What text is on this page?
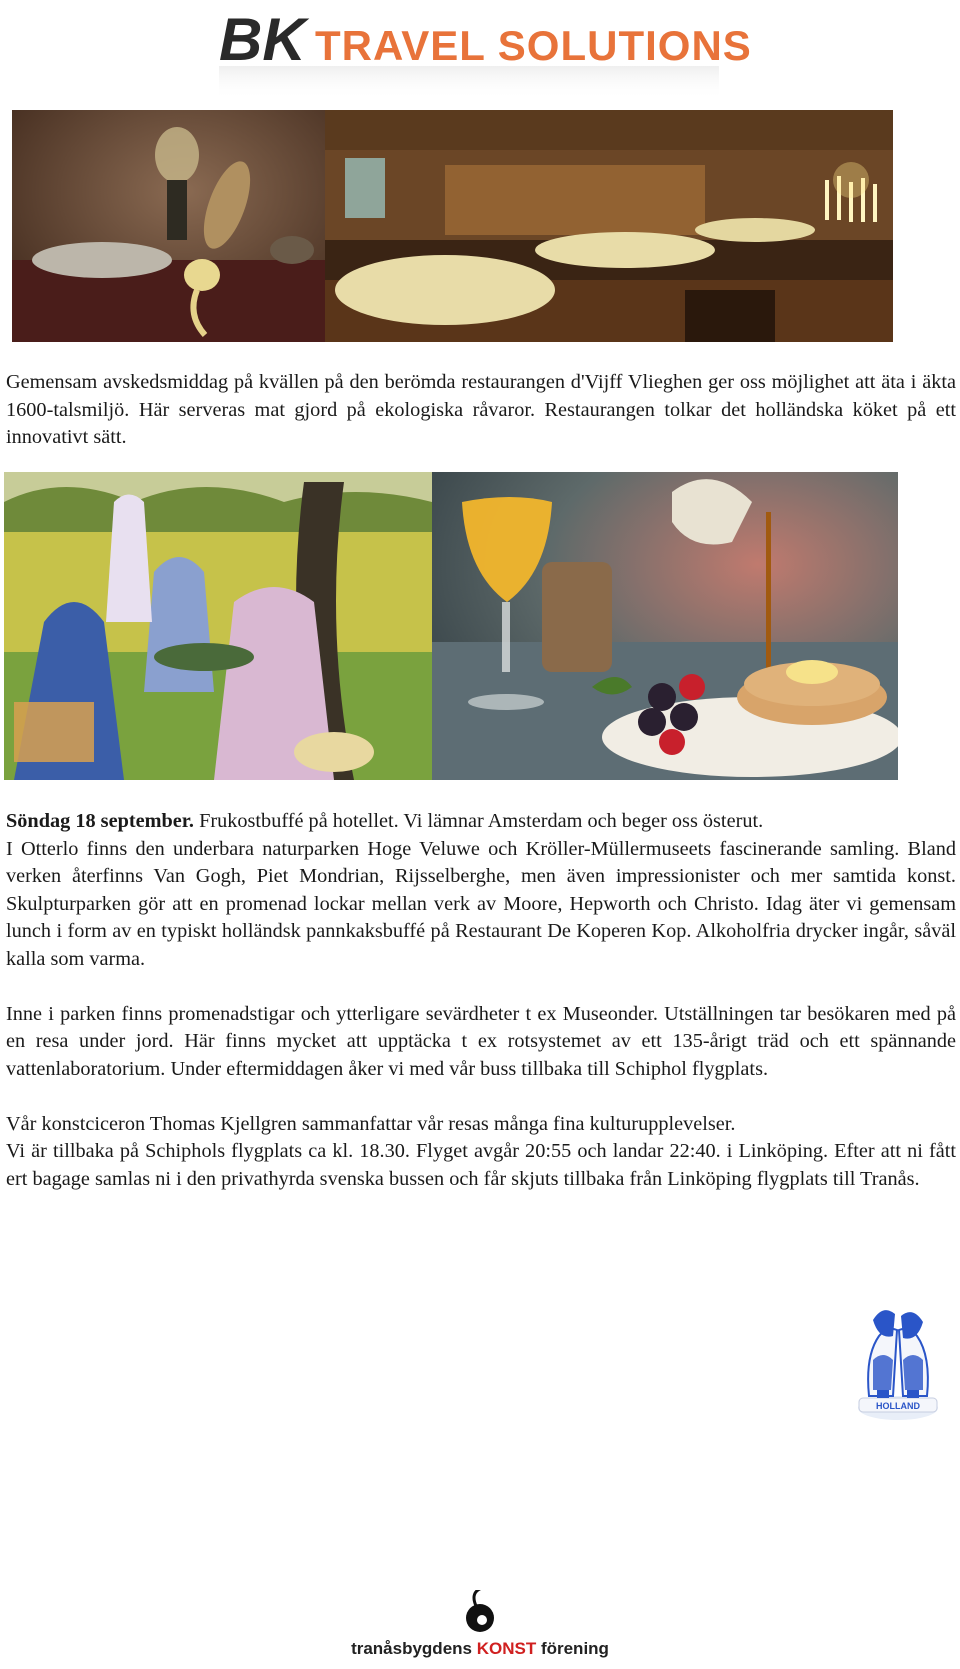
BK TRAVEL SOLUTIONS

Gemensam avskedsmiddag på kvällen på den berömda restaurangen d'Vijff Vlieghen ger oss möjlighet att äta i äkta 1600-talsmiljö. Här serveras mat gjord på ekologiska råvaror. Restaurangen tolkar det holländska köket på ett innovativt sätt.

Söndag 18 september. Frukostbuffé på hotellet. Vi lämnar Amsterdam och beger oss österut.
I Otterlo finns den underbara naturparken Hoge Veluwe och Kröller-Müllermuseets fascinerande samling. Bland verken återfinns Van Gogh, Piet Mondrian, Rijsselberghe, men även impressionister och mer samtida konst. Skulpturparken gör att en promenad lockar mellan verk av Moore, Hepworth och Christo. Idag äter vi gemensam lunch i form av en typiskt holländsk pannkaksbuffé på Restaurant De Koperen Kop. Alkoholfria drycker ingår, såväl kalla som varma.

Inne i parken finns promenadstigar och ytterligare sevärdheter t ex Museonder. Utställningen tar besökaren med på en resa under jord. Här finns mycket att upptäcka t ex rotsystemet av ett 135-årigt träd och ett spännande vattenlaboratorium. Under eftermiddagen åker vi med vår buss tillbaka till Schiphol flygplats.

Vår konstciceron Thomas Kjellgren sammanfattar vår resas många fina kulturupplevelser.
Vi är tillbaka på Schiphols flygplats ca kl. 18.30. Flyget avgår 20:55 och landar 22:40. i Linköping. Efter att ni fått ert bagage samlas ni i den privathyrda svenska bussen och får skjuts tillbaka från Linköping flygplats till Tranås.

HOLLAND
tranåsbygdens KONST förening
